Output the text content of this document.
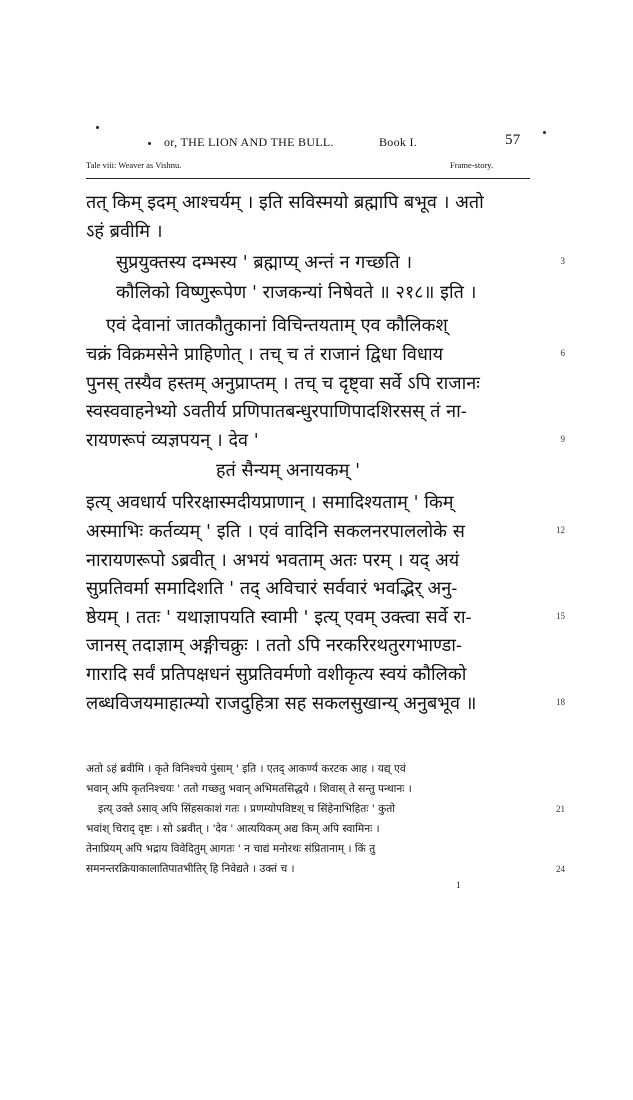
or, THE LION AND THE BULL.	Book I.	57
Tale viii: Weaver as Vishnu.	Frame-story.
तत् किम् इदम् आश्चर्यम् । इति सविस्मयो ब्रह्मापि बभूव । अतो
ऽहं ब्रवीमि ।
सुप्रयुक्तस्य दम्भस्य ' ब्रह्माप्य् अन्तं न गच्छति ।	3
कौलिको विष्णुरूपेण ' राजकन्यां निषेवते ॥ २१८॥ इति ।
एवं देवानां जातकौतुकानां विचिन्तयताम् एव कौलिकश्
चक्रं विक्रमसेने प्राहिणोत् । तच् च तं राजानं द्विधा विधाय	6
पुनस् तस्यैव हस्तम् अनुप्राप्तम् । तच् च दृष्ट्वा सर्वे ऽपि राजानः
स्वस्ववाहनेभ्यो ऽवतीर्य प्रणिपातबन्धुरपाणिपादशिरसस् तं ना-
रायणरूपं व्यज्ञपयन् । देव '	9
हतं सैन्यम् अनायकम् '
इत्य् अवधार्य परिरक्षास्मदीयप्राणान् । समादिश्यताम् ' किम्
अस्माभिः कर्तव्यम् ' इति । एवं वादिनि सकलनरपाललोके स	12
नारायणरूपो ऽब्रवीत् । अभयं भवताम् अतः परम् । यद् अयं
सुप्रतिवर्मा समादिशति ' तद् अविचारं सर्ववारं भवद्भिर् अनु-
ष्ठेयम् । ततः ' यथाज्ञापयति स्वामी ' इत्य् एवम् उक्त्वा सर्वे रा-	15
जानस् तदाज्ञाम् अङ्गीचक्रुः । ततो ऽपि नरकरिरथतुरगभाण्डा-
गारादि सर्वं प्रतिपक्षधनं सुप्रतिवर्मणो वशीकृत्य स्वयं कौलिको
लब्धविजयमाहात्म्यो राजदुहित्रा सह सकलसुखान्य् अनुबभूव ॥	18
अतो ऽहं ब्रवीमि । कृते विनिश्चये पुंसाम् ' इति । एतद् आकर्ण्य करटक आह । यद्य् एवं
भवान् अपि कृतनिश्चयः ' ततो गच्छतु भवान् अभिमतसिद्धये । शिवास् ते सन्तु पन्थानः ।
इत्य् उक्ते ऽसाव् अपि सिंहसकाशं गतः । प्रणम्योपविष्टश् च सिंहेनाभिहितः ' कुतो	21
भवांश् चिराद् दृष्टः । सो ऽब्रवीत् । 'देव ' आत्ययिकम् अद्य किम् अपि स्वामिनः ।
तेनाप्रियम् अपि भद्राय विवेदितुम् आगतः ' न चाद्यं मनोरथः संप्रितानाम् । किं तु
समनन्तरक्रियाकालातिपातभीतिर् हि निवेद्यते । उक्तं च ।	24
1
